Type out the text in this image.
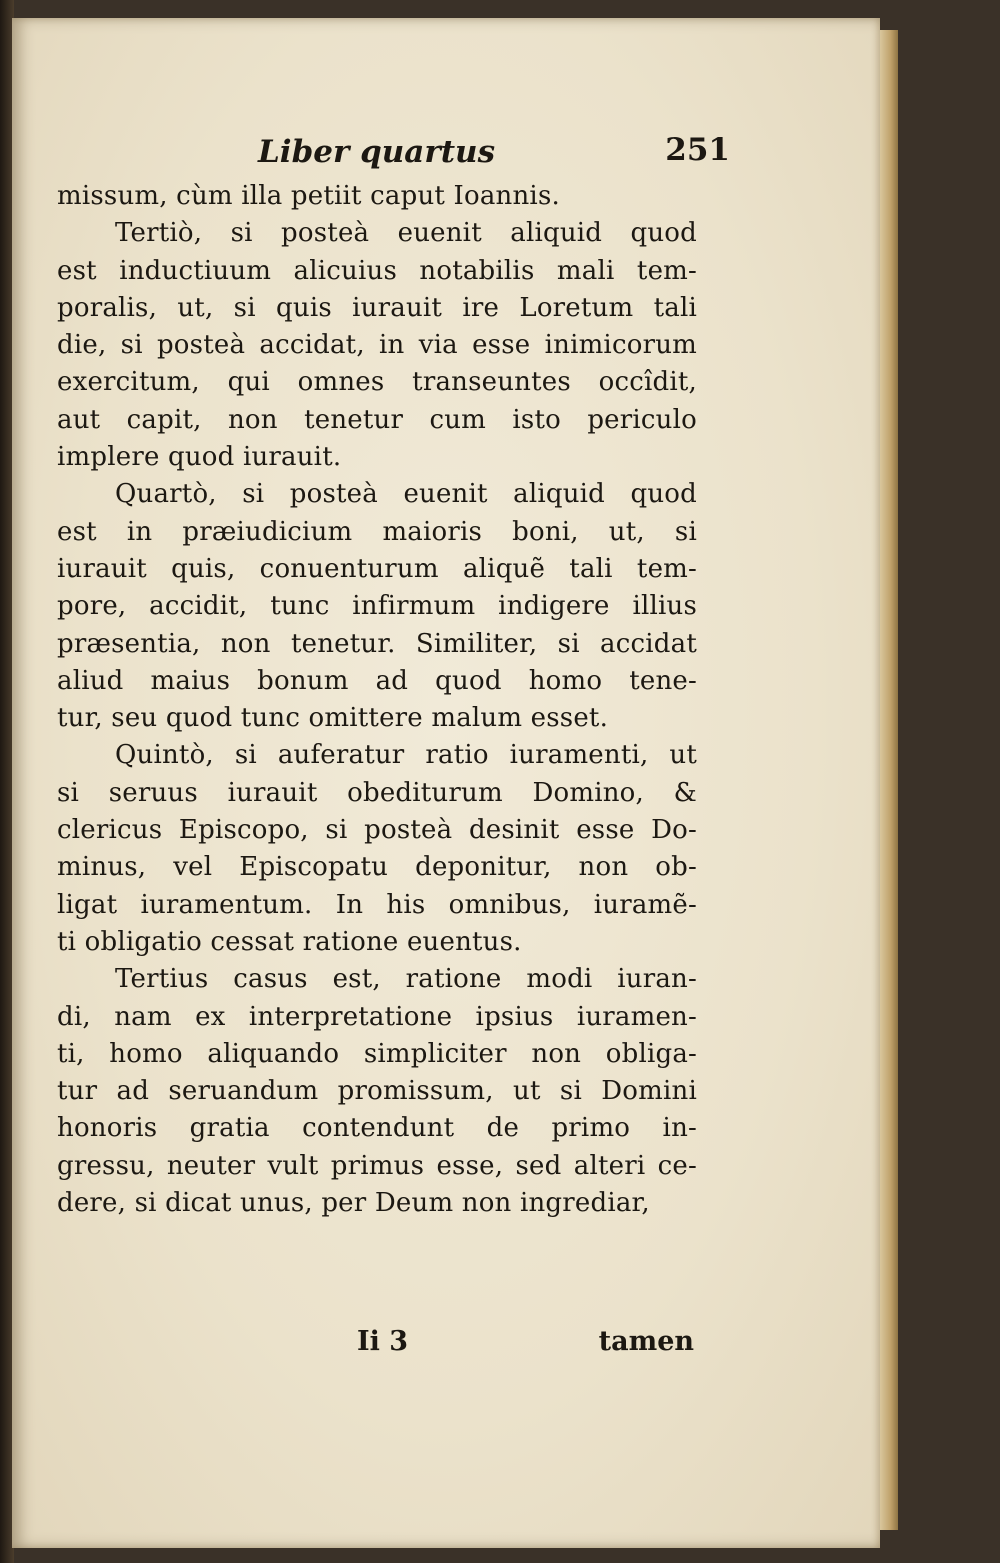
Liber quartus	251
missum, cùm illa petiit caput Ioannis.
Tertiò, si posteà euenit aliquid quod
est inductiuum alicuius notabilis mali tem-
poralis, ut, si quis iurauit ire Loretum tali
die, si posteà accidat, in via esse inimicorum
exercitum, qui omnes transeuntes occîdit,
aut capit, non tenetur cum isto periculo
implere quod iurauit.
Quartò, si posteà euenit aliquid quod
est in præiudicium maioris boni, ut, si
iurauit quis, conuenturum aliquẽ tali tem-
pore, accidit, tunc infirmum indigere illius
præsentia, non tenetur. Similiter, si accidat
aliud maius bonum ad quod homo tene-
tur, seu quod tunc omittere malum esset.
Quintò, si auferatur ratio iuramenti, ut
si seruus iurauit obediturum Domino, &
clericus Episcopo, si posteà desinit esse Do-
minus, vel Episcopatu deponitur, non ob-
ligat iuramentum. In his omnibus, iuramẽ-
ti obligatio cessat ratione euentus.
Tertius casus est, ratione modi iuran-
di, nam ex interpretatione ipsius iuramen-
ti, homo aliquando simpliciter non obliga-
tur ad seruandum promissum, ut si Domini
honoris gratia contendunt de primo in-
gressu, neuter vult primus esse, sed alteri ce-
dere, si dicat unus, per Deum non ingrediar,
Ii 3	tamen
